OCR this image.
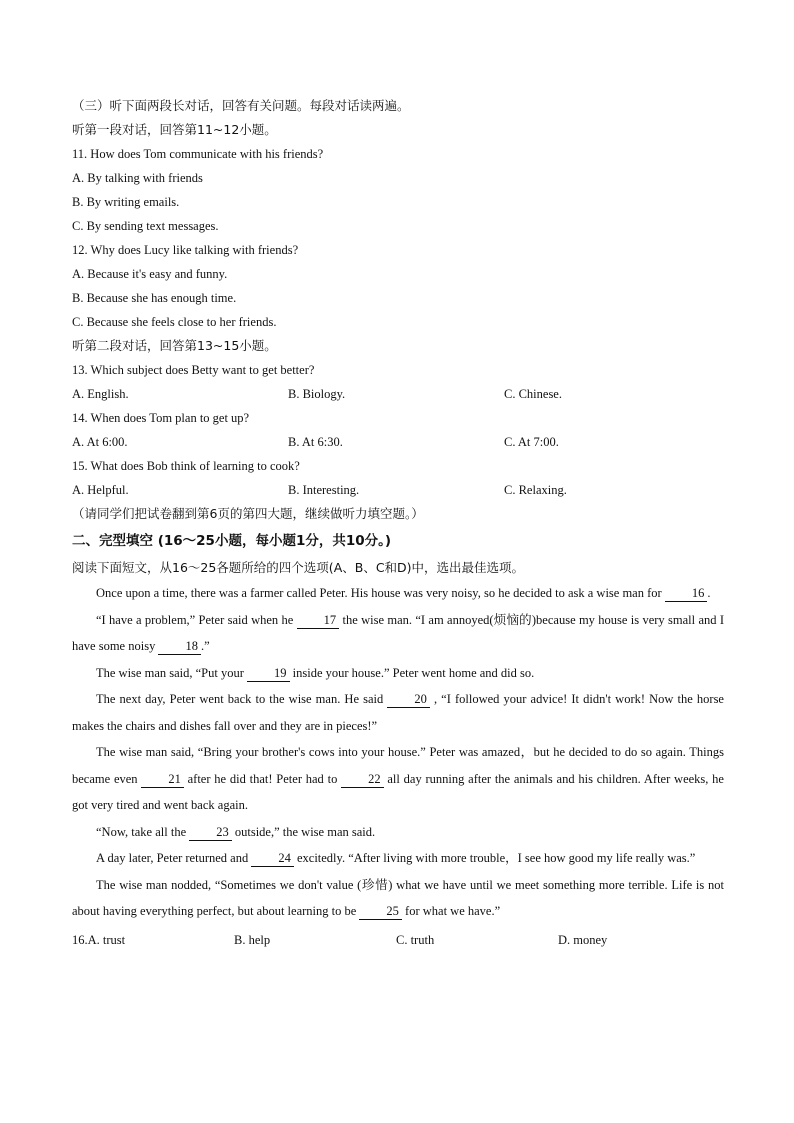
（三）听下面两段长对话，回答有关问题。每段对话读两遍。
听第一段对话，回答第11~12小题。
11. How does Tom communicate with his friends?
A. By talking with friends
B. By writing emails.
C. By sending text messages.
12. Why does Lucy like talking with friends?
A. Because it's easy and funny.
B. Because she has enough time.
C. Because she feels close to her friends.
听第二段对话，回答第13~15小题。
13. Which subject does Betty want to get better?
A. English.	B. Biology.	C. Chinese.
14. When does Tom plan to get up?
A. At 6:00.	B. At 6:30.	C. At 7:00.
15. What does Bob think of learning to cook?
A. Helpful.	B. Interesting.	C. Relaxing.
（请同学们把试卷翻到第6页的第四大题，继续做听力填空题。）
二、完型填空 (16～25小题，每小题1分，共10分。)
阅读下面短文，从16～25各题所给的四个选项(A、B、C和D)中，选出最佳选项。

Once upon a time, there was a farmer called Peter. His house was very noisy, so he decided to ask a wise man for 16 .

“I have a problem,” Peter said when he 17 the wise man. “I am annoyed(烦恼的)because my house is very small and I have some noisy 18 .”

The wise man said, “Put your 19 inside your house.” Peter went home and did so.

The next day, Peter went back to the wise man. He said 20 , “I followed your advice! It didn't work! Now the horse makes the chairs and dishes fall over and they are in pieces!”

The wise man said, “Bring your brother's cows into your house.” Peter was amazed，but he decided to do so again. Things became even 21 after he did that! Peter had to 22 all day running after the animals and his children. After weeks, he got very tired and went back again.

“Now, take all the 23 outside,” the wise man said.

A day later, Peter returned and 24 excitedly. “After living with more trouble，I see how good my life really was.”

The wise man nodded, “Sometimes we don't value (珍惜) what we have until we meet something more terrible. Life is not about having everything perfect, but about learning to be 25 for what we have.”

16.A. trust	B. help	C. truth	D. money
